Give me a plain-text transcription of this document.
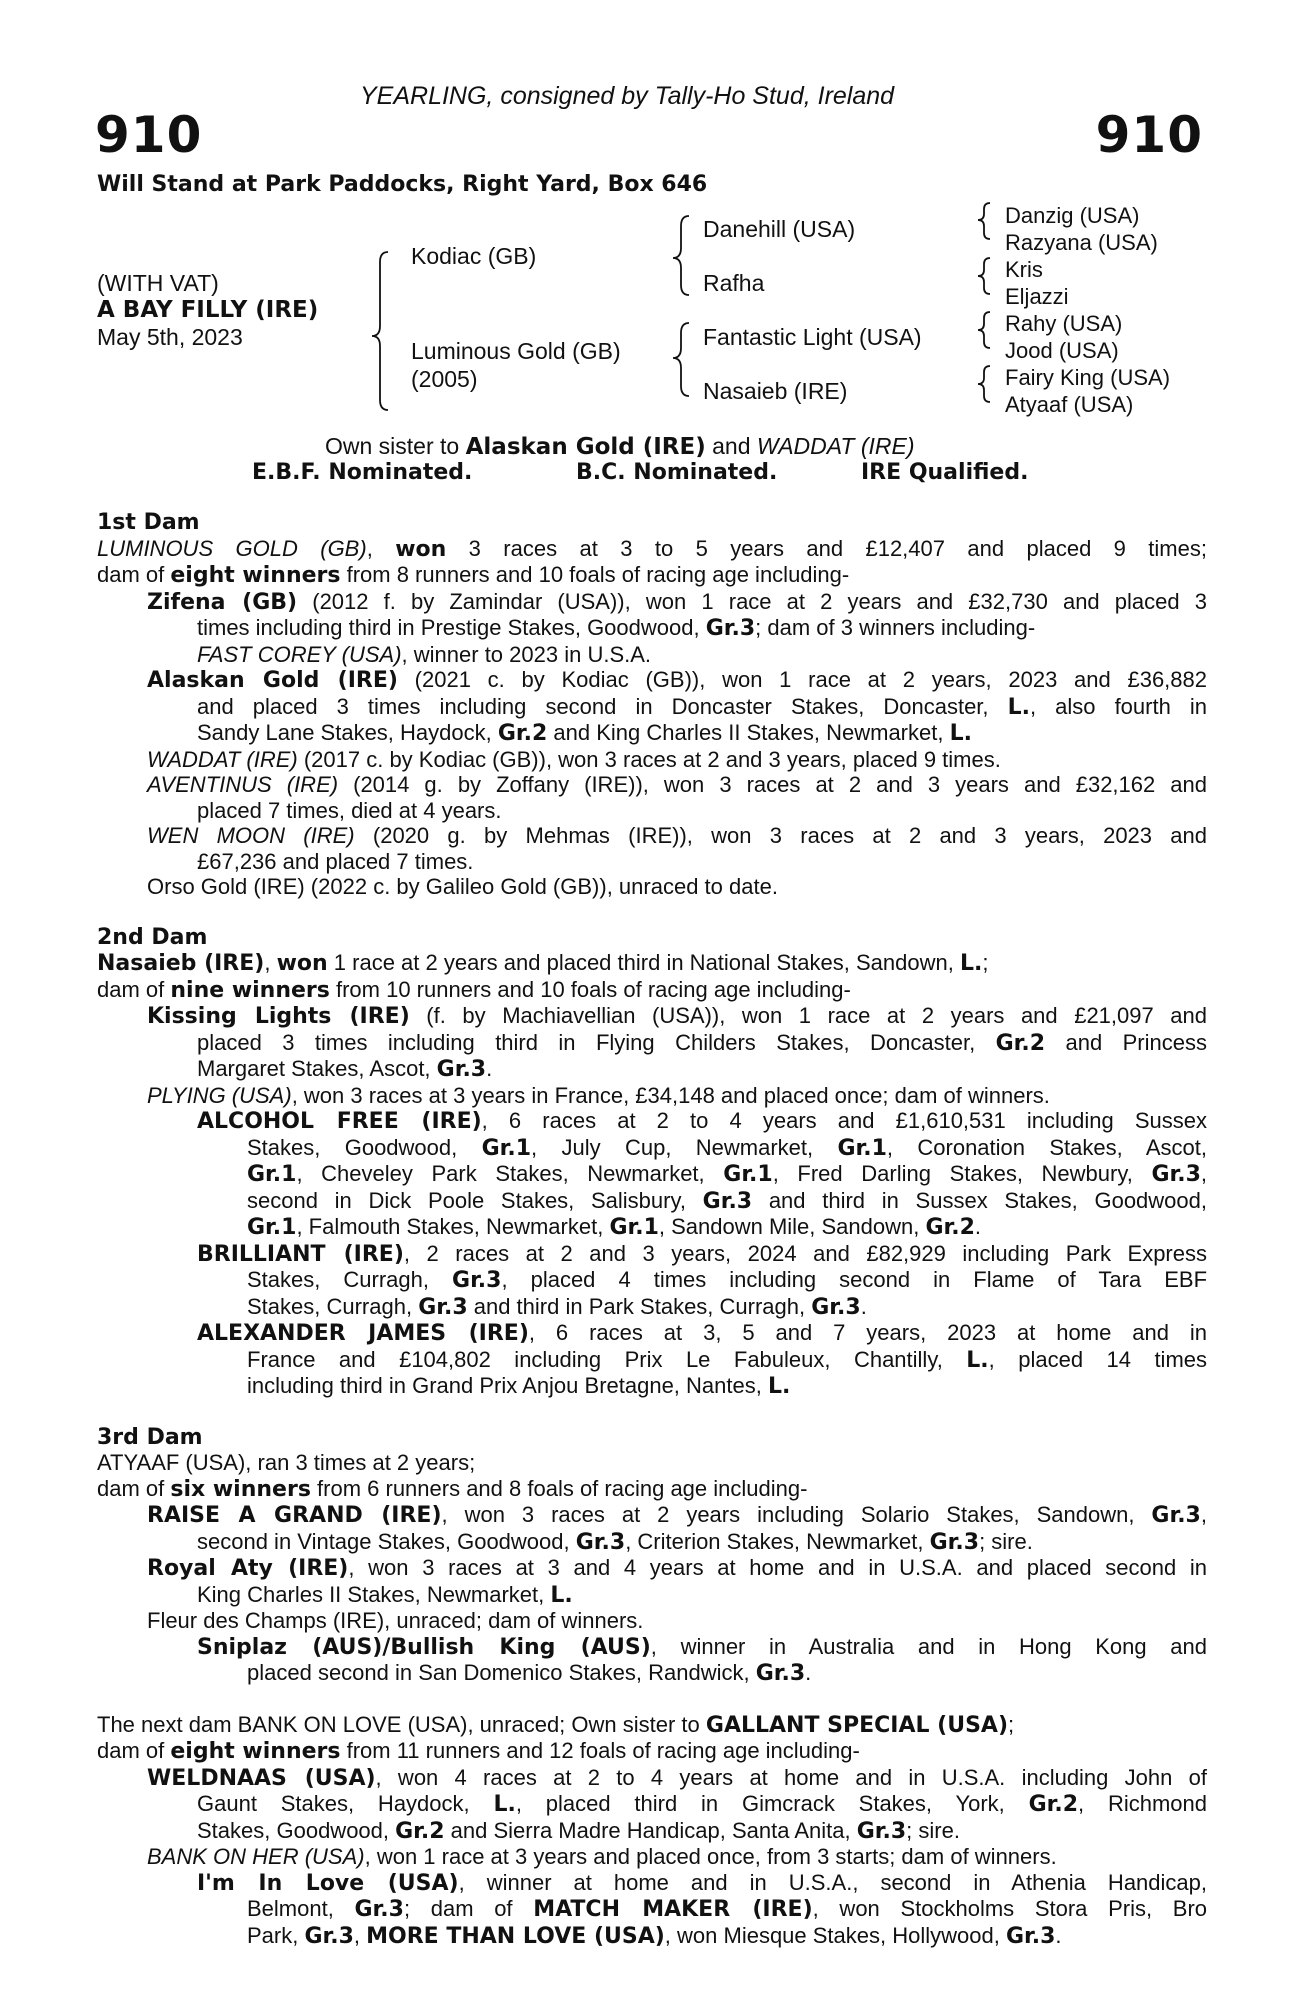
YEARLING, consigned by Tally-Ho Stud, Ireland
910	910
Will Stand at Park Paddocks, Right Yard, Box 646
(WITH VAT)
A BAY FILLY (IRE)
May 5th, 2023
Kodiac (GB)
Luminous Gold (GB)
(2005)
Danehill (USA)
Rafha
Fantastic Light (USA)
Nasaieb (IRE)
Danzig (USA)
Razyana (USA)
Kris
Eljazzi
Rahy (USA)
Jood (USA)
Fairy King (USA)
Atyaaf (USA)
Own sister to Alaskan Gold (IRE) and WADDAT (IRE)
E.B.F. Nominated.	B.C. Nominated.	IRE Qualified.
1st Dam
LUMINOUS GOLD (GB), won 3 races at 3 to 5 years and £12,407 and placed 9 times;
dam of eight winners from 8 runners and 10 foals of racing age including-
Zifena (GB) (2012 f. by Zamindar (USA)), won 1 race at 2 years and £32,730 and placed 3
times including third in Prestige Stakes, Goodwood, Gr.3; dam of 3 winners including-
FAST COREY (USA), winner to 2023 in U.S.A.
Alaskan Gold (IRE) (2021 c. by Kodiac (GB)), won 1 race at 2 years, 2023 and £36,882
and placed 3 times including second in Doncaster Stakes, Doncaster, L., also fourth in
Sandy Lane Stakes, Haydock, Gr.2 and King Charles II Stakes, Newmarket, L.
WADDAT (IRE) (2017 c. by Kodiac (GB)), won 3 races at 2 and 3 years, placed 9 times.
AVENTINUS (IRE) (2014 g. by Zoffany (IRE)), won 3 races at 2 and 3 years and £32,162 and
placed 7 times, died at 4 years.
WEN MOON (IRE) (2020 g. by Mehmas (IRE)), won 3 races at 2 and 3 years, 2023 and
£67,236 and placed 7 times.
Orso Gold (IRE) (2022 c. by Galileo Gold (GB)), unraced to date.
2nd Dam
Nasaieb (IRE), won 1 race at 2 years and placed third in National Stakes, Sandown, L.;
dam of nine winners from 10 runners and 10 foals of racing age including-
Kissing Lights (IRE) (f. by Machiavellian (USA)), won 1 race at 2 years and £21,097 and
placed 3 times including third in Flying Childers Stakes, Doncaster, Gr.2 and Princess
Margaret Stakes, Ascot, Gr.3.
PLYING (USA), won 3 races at 3 years in France, £34,148 and placed once; dam of winners.
ALCOHOL FREE (IRE), 6 races at 2 to 4 years and £1,610,531 including Sussex
Stakes, Goodwood, Gr.1, July Cup, Newmarket, Gr.1, Coronation Stakes, Ascot,
Gr.1, Cheveley Park Stakes, Newmarket, Gr.1, Fred Darling Stakes, Newbury, Gr.3,
second in Dick Poole Stakes, Salisbury, Gr.3 and third in Sussex Stakes, Goodwood,
Gr.1, Falmouth Stakes, Newmarket, Gr.1, Sandown Mile, Sandown, Gr.2.
BRILLIANT (IRE), 2 races at 2 and 3 years, 2024 and £82,929 including Park Express
Stakes, Curragh, Gr.3, placed 4 times including second in Flame of Tara EBF
Stakes, Curragh, Gr.3 and third in Park Stakes, Curragh, Gr.3.
ALEXANDER JAMES (IRE), 6 races at 3, 5 and 7 years, 2023 at home and in
France and £104,802 including Prix Le Fabuleux, Chantilly, L., placed 14 times
including third in Grand Prix Anjou Bretagne, Nantes, L.
3rd Dam
ATYAAF (USA), ran 3 times at 2 years;
dam of six winners from 6 runners and 8 foals of racing age including-
RAISE A GRAND (IRE), won 3 races at 2 years including Solario Stakes, Sandown, Gr.3,
second in Vintage Stakes, Goodwood, Gr.3, Criterion Stakes, Newmarket, Gr.3; sire.
Royal Aty (IRE), won 3 races at 3 and 4 years at home and in U.S.A. and placed second in
King Charles II Stakes, Newmarket, L.
Fleur des Champs (IRE), unraced; dam of winners.
Sniplaz (AUS)/Bullish King (AUS), winner in Australia and in Hong Kong and
placed second in San Domenico Stakes, Randwick, Gr.3.
The next dam BANK ON LOVE (USA), unraced; Own sister to GALLANT SPECIAL (USA);
dam of eight winners from 11 runners and 12 foals of racing age including-
WELDNAAS (USA), won 4 races at 2 to 4 years at home and in U.S.A. including John of
Gaunt Stakes, Haydock, L., placed third in Gimcrack Stakes, York, Gr.2, Richmond
Stakes, Goodwood, Gr.2 and Sierra Madre Handicap, Santa Anita, Gr.3; sire.
BANK ON HER (USA), won 1 race at 3 years and placed once, from 3 starts; dam of winners.
I'm In Love (USA), winner at home and in U.S.A., second in Athenia Handicap,
Belmont, Gr.3; dam of MATCH MAKER (IRE), won Stockholms Stora Pris, Bro
Park, Gr.3, MORE THAN LOVE (USA), won Miesque Stakes, Hollywood, Gr.3.
